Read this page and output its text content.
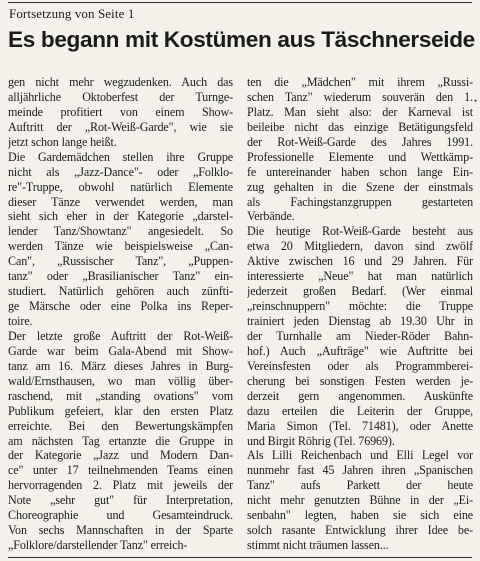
Fortsetzung von Seite 1
Es begann mit Kostümen aus Täschnerseide
gen nicht mehr wegzudenken. Auch das
alljährliche Oktoberfest der Turnge-
meinde profitiert von einem Show-
Auftritt der „Rot-Weiß-Garde", wie sie
jetzt schon lange heißt.
Die Gardemädchen stellen ihre Gruppe
nicht als „Jazz-Dance"- oder „Folklo-
re"-Truppe, obwohl natürlich Elemente
dieser Tänze verwendet werden, man
sieht sich eher in der Kategorie „darstel-
lender Tanz/Showtanz" angesiedelt. So
werden Tänze wie beispielsweise „Can-
Can", „Russischer Tanz", „Puppen-
tanz" oder „Brasilianischer Tanz" ein-
studiert. Natürlich gehören auch zünfti-
ge Märsche oder eine Polka ins Reper-
toire.
Der letzte große Auftritt der Rot-Weiß-
Garde war beim Gala-Abend mit Show-
tanz am 16. März dieses Jahres in Burg-
wald/Ernsthausen, wo man völlig über-
raschend, mit „standing ovations" vom
Publikum gefeiert, klar den ersten Platz
erreichte. Bei den Bewertungskämpfen
am nächsten Tag ertanzte die Gruppe in
der Kategorie „Jazz und Modern Dan-
ce" unter 17 teilnehmenden Teams einen
hervorragenden 2. Platz mit jeweils der
Note „sehr gut" für Interpretation,
Choreographie und Gesamteindruck.
Von sechs Mannschaften in der Sparte
„Folklore/darstellender Tanz" erreich-
ten die „Mädchen" mit ihrem „Russi-
schen Tanz" wiederum souverän den 1.
Platz. Man sieht also: der Karneval ist
beileibe nicht das einzige Betätigungsfeld
der Rot-Weiß-Garde des Jahres 1991.
Professionelle Elemente und Wettkämp-
fe untereinander haben schon lange Ein-
zug gehalten in die Szene der einstmals
als Fachingstanzgruppen gestarteten
Verbände.
Die heutige Rot-Weiß-Garde besteht aus
etwa 20 Mitgliedern, davon sind zwölf
Aktive zwischen 16 und 29 Jahren. Für
interessierte „Neue" hat man natürlich
jederzeit großen Bedarf. (Wer einmal
„reinschnuppern" möchte: die Truppe
trainiert jeden Dienstag ab 19.30 Uhr in
der Turnhalle am Nieder-Röder Bahn-
hof.) Auch „Aufträge" wie Auftritte bei
Vereinsfesten oder als Programmberei-
cherung bei sonstigen Festen werden je-
derzeit gern angenommen. Auskünfte
dazu erteilen die Leiterin der Gruppe,
Maria Simon (Tel. 71481), oder Anette
und Birgit Röhrig (Tel. 76969).
Als Lilli Reichenbach und Elli Legel vor
nunmehr fast 45 Jahren ihren „Spanischen
Tanz" aufs Parkett der heute
nicht mehr genutzten Bühne in der „Ei-
senbahn" legten, haben sie sich eine
solch rasante Entwicklung ihrer Idee be-
stimmt nicht träumen lassen...
•
